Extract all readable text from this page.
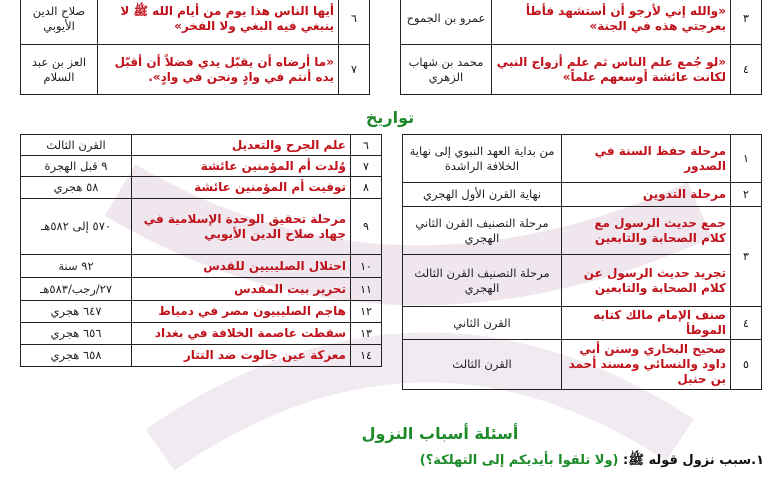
٣	«والله إني لأرجو أن أستشهد فأطأ بعرجتي هذه في الجنة»	عمرو بن الجموح
٤	«لو جُمع علم الناس ثم علم أزواج النبي لكانت عائشة أوسعهم علماً»	محمد بن شهاب الزهري
٦	أيها الناس هذا يوم من أيام الله ﷺ لا ينبغي فيه البغي ولا الفخر»	صلاح الدين الأيوبي
٧	«ما أرضاه أن يقبّل يدي فضلاً أن أقبّل يده أنتم في وادٍ ونحن في وادٍ».	العز بن عبد السلام
تواريخ
١	مرحلة حفظ السنة في الصدور	من بداية العهد النبوي إلى نهاية الخلافة الراشدة
٢	مرحلة التدوين	نهاية القرن الأول الهجري
٣	جمع حديث الرسول مع كلام الصحابة والتابعين	مرحلة التصنيف القرن الثاني الهجري
	تجريد حديث الرسول عن كلام الصحابة والتابعين	مرحلة التصنيف القرن الثالث الهجري
٤	صنف الإمام مالك كتابه الموطأ	القرن الثاني
٥	صحيح البخاري وسنن أبي داود والنسائي ومسند أحمد بن حنبل	القرن الثالث
٦	علم الجرح والتعديل	القرن الثالث
٧	وُلدت أم المؤمنين عائشة	٩ قبل الهجرة
٨	توفيت أم المؤمنين عائشة	٥٨ هجري
٩	مرحلة تحقيق الوحدة الإسلامية في جهاد صلاح الدين الأيوبي	٥٧٠ إلى ٥٨٢هـ
١٠	احتلال الصليبيين للقدس	٩٢ سنة
١١	تحرير بيت المقدس	٢٧/رجب/٥٨٣هـ
١٢	هاجم الصليبيون مصر في دمياط	٦٤٧ هجري
١٣	سقطت عاصمة الخلافة في بغداد	٦٥٦ هجري
١٤	معركة عين جالوت ضد التتار	٦٥٨ هجري
أسئلة أسباب النزول
١.سبب نزول قوله ﷺ: (ولا تلقوا بأيديكم إلى التهلكة؟)
